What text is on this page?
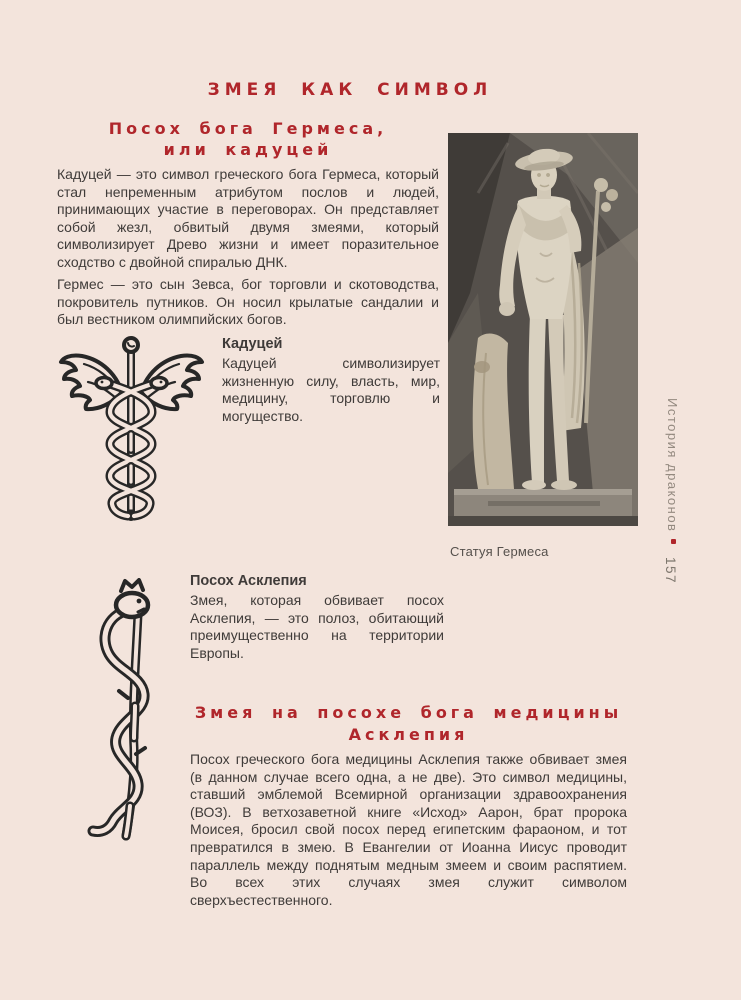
ЗМЕЯ КАК СИМВОЛ
Посох бога Гермеса,
или кадуцей
Кадуцей — это символ греческого бога Гермеса, который стал непременным атрибутом послов и людей, принимающих участие в переговорах. Он представляет собой жезл, обвитый двумя змеями, который символизирует Древо жизни и имеет поразительное сходство с двойной спиралью ДНК.
Гермес — это сын Зевса, бог торговли и скотоводства, покровитель путников. Он носил крылатые сандалии и был вестником олимпийских богов.
Кадуцей

Кадуцей символизирует жизненную силу, власть, мир, медицину, торговлю и могущество.

Статуя Гермеса
Посох Асклепия

Змея, которая обвивает посох Асклепия, — это полоз, обитающий преимущественно на территории Европы.

Змея на посохе бога медицины
Асклепия
Посох греческого бога медицины Асклепия также обвивает змея (в данном случае всего одна, а не две). Это символ медицины, ставший эмблемой Всемирной организации здравоохранения (ВОЗ). В ветхозаветной книге «Исход» Аарон, брат пророка Моисея, бросил свой посох перед египетским фараоном, и тот превратился в змею. В Евангелии от Иоанна Иисус проводит параллель между поднятым медным змеем и своим распятием. Во всех этих случаях змея служит символом сверхъестественного.
История драконов
157
